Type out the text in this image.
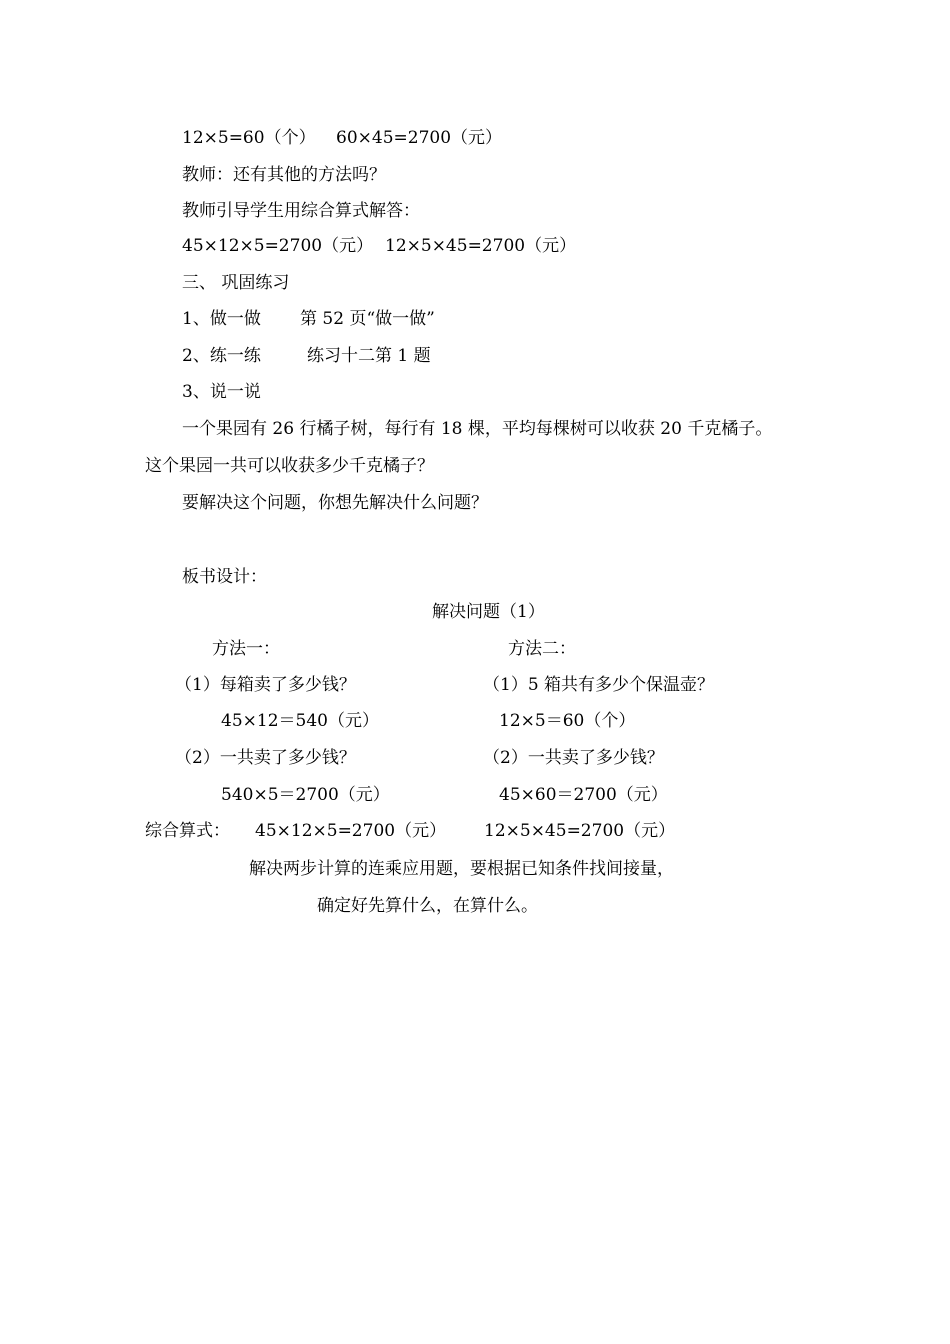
12×5=60（个） 60×45=2700（元）
教师：还有其他的方法吗？
教师引导学生用综合算式解答：
45×12×5=2700（元） 12×5×45=2700（元）
三、 巩固练习
1、做一做 第 52 页“做一做”
2、练一练	练习十二第 1 题
3、说一说
一个果园有 26 行橘子树，每行有 18 棵，平均每棵树可以收获 20 千克橘子。
这个果园一共可以收获多少千克橘子？
要解决这个问题，你想先解决什么问题？
板书设计：
解决问题（1）
方法一：	方法二：
（1）每箱卖了多少钱？	（1）5 箱共有多少个保温壶？
45×12＝540（元）	12×5＝60（个）
（2）一共卖了多少钱？	（2）一共卖了多少钱？
540×5＝2700（元）	45×60＝2700（元）
综合算式： 45×12×5=2700（元） 12×5×45=2700（元）
解决两步计算的连乘应用题，要根据已知条件找间接量，
确定好先算什么，在算什么。
